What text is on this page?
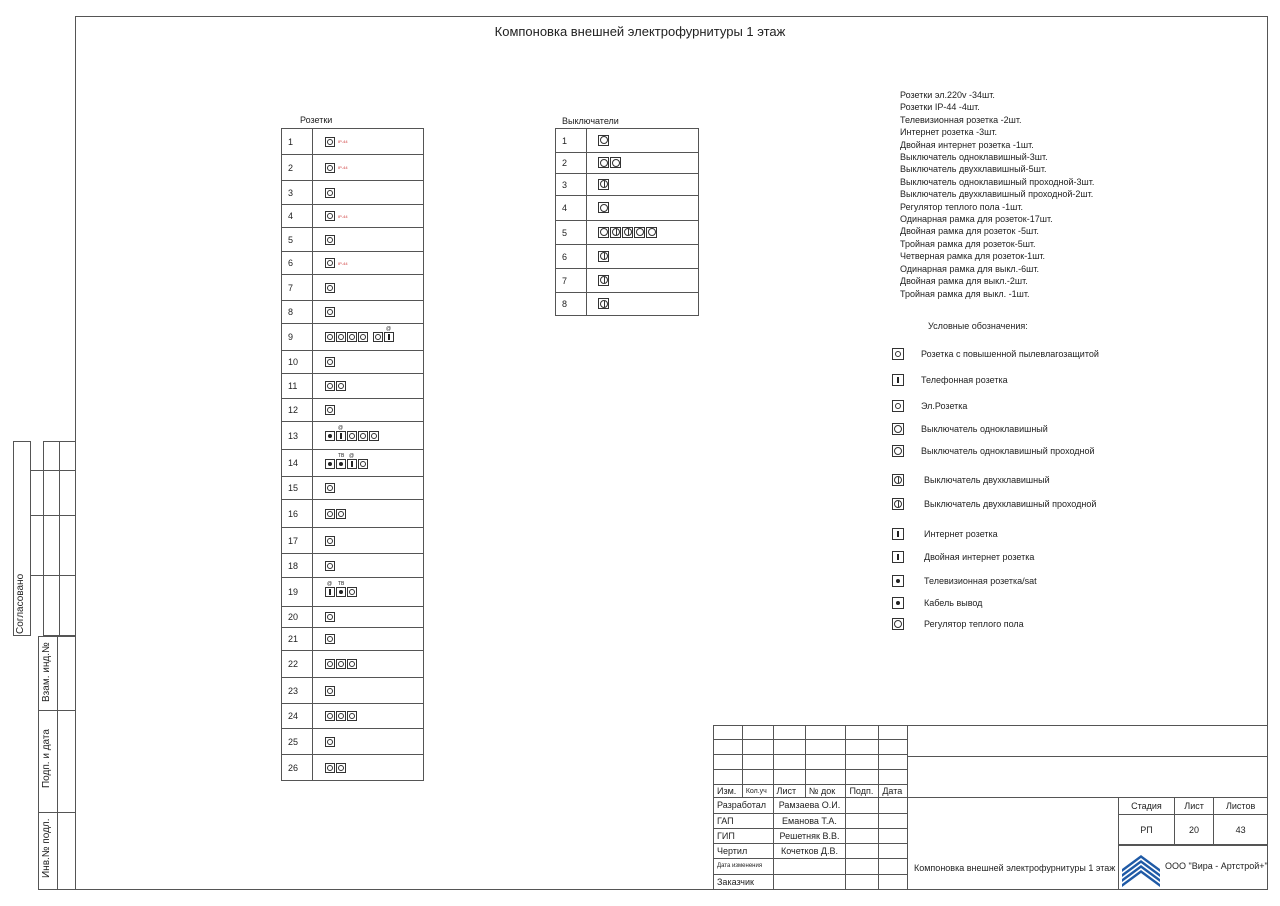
Согласовано
Взам. инд.№
Подп. и дата
Инв.№ подл.
Компоновка внешней электрофурнитуры 1 этаж
Розетки
1	IP-44

2	IP-44

3	

4	IP-44

5	

6	IP-44

7	

8	

9	@

10	

11	

12	

13	@

14	ТВ @

15	

16	

17	

18	

19	@ ТВ

20	

21	

22	

23	

24	

25	

26	
Выключатели
1	

2	

3	

4	

5	

6	

7	

8	
Розетки эл.220v -34шт.
Розетки IP-44 -4шт.
Телевизионная розетка -2шт.
Интернет розетка -3шт.
Двойная интернет розетка -1шт.
Выключатель одноклавишный-3шт.
Выключатель двухклавишный-5шт.
Выключатель одноклавишный проходной-3шт.
Выключатель двухклавишный проходной-2шт.
Регулятор теплого пола -1шт.
Одинарная рамка для розеток-17шт.
Двойная рамка для розеток -5шт.
Тройная рамка для розеток-5шт.
Четверная рамка для розеток-1шт.
Одинарная рамка для выкл.-6шт.
Двойная рамка для выкл.-2шт.
Тройная рамка для выкл. -1шт.
Условные обозначения:
Розетка с повышенной пылевлагозащитой
Телефонная розетка
Эл.Розетка
Выключатель одноклавишный
Выключатель одноклавишный проходной
Выключатель двухклавишный
Выключатель двухклавишный проходной
Интернет розетка
Двойная интернет розетка
Телевизионная розетка/sat
Кабель вывод
Регулятор теплого пола

Изм.	Кол.уч	Лист	№ док	Подп.	Дата
Разработал		Рамзаева О.И.			
ГАП		Еманова Т.А.			
ГИП		Решетняк В.В.			
Чертил		Кочетков Д.В.			
Дата изменения					
Заказчик					
Стадия	Лист	Листов
РП	20	43
Компоновка внешней электрофурнитуры 1 этаж	ООО "Вира - Артстрой+"
